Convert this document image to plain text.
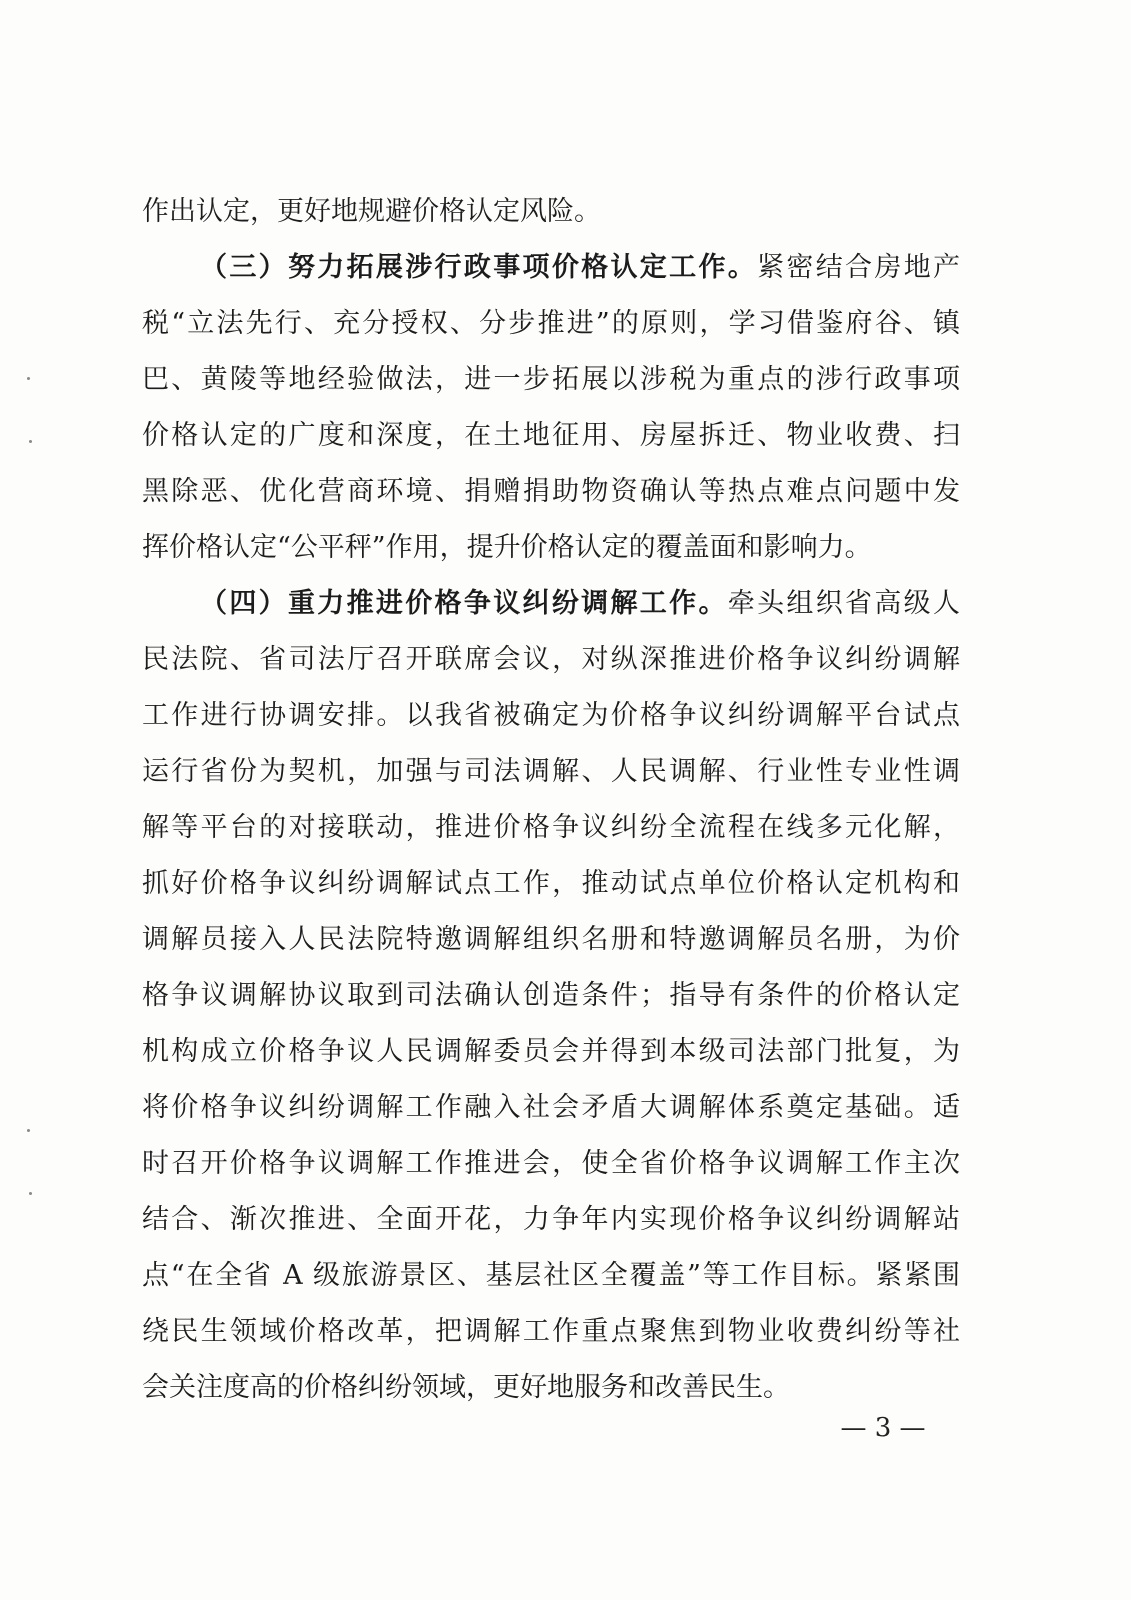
作出认定，更好地规避价格认定风险。
（三）努力拓展涉行政事项价格认定工作。紧密结合房地产
税“立法先行、充分授权、分步推进”的原则，学习借鉴府谷、镇
巴、黄陵等地经验做法，进一步拓展以涉税为重点的涉行政事项
价格认定的广度和深度，在土地征用、房屋拆迁、物业收费、扫
黑除恶、优化营商环境、捐赠捐助物资确认等热点难点问题中发
挥价格认定“公平秤”作用，提升价格认定的覆盖面和影响力。
（四）重力推进价格争议纠纷调解工作。牵头组织省高级人
民法院、省司法厅召开联席会议，对纵深推进价格争议纠纷调解
工作进行协调安排。以我省被确定为价格争议纠纷调解平台试点
运行省份为契机，加强与司法调解、人民调解、行业性专业性调
解等平台的对接联动，推进价格争议纠纷全流程在线多元化解，
抓好价格争议纠纷调解试点工作，推动试点单位价格认定机构和
调解员接入人民法院特邀调解组织名册和特邀调解员名册，为价
格争议调解协议取到司法确认创造条件；指导有条件的价格认定
机构成立价格争议人民调解委员会并得到本级司法部门批复，为
将价格争议纠纷调解工作融入社会矛盾大调解体系奠定基础。适
时召开价格争议调解工作推进会，使全省价格争议调解工作主次
结合、渐次推进、全面开花，力争年内实现价格争议纠纷调解站
点“在全省 A 级旅游景区、基层社区全覆盖”等工作目标。紧紧围
绕民生领域价格改革，把调解工作重点聚焦到物业收费纠纷等社
会关注度高的价格纠纷领域，更好地服务和改善民生。
— 3 —
